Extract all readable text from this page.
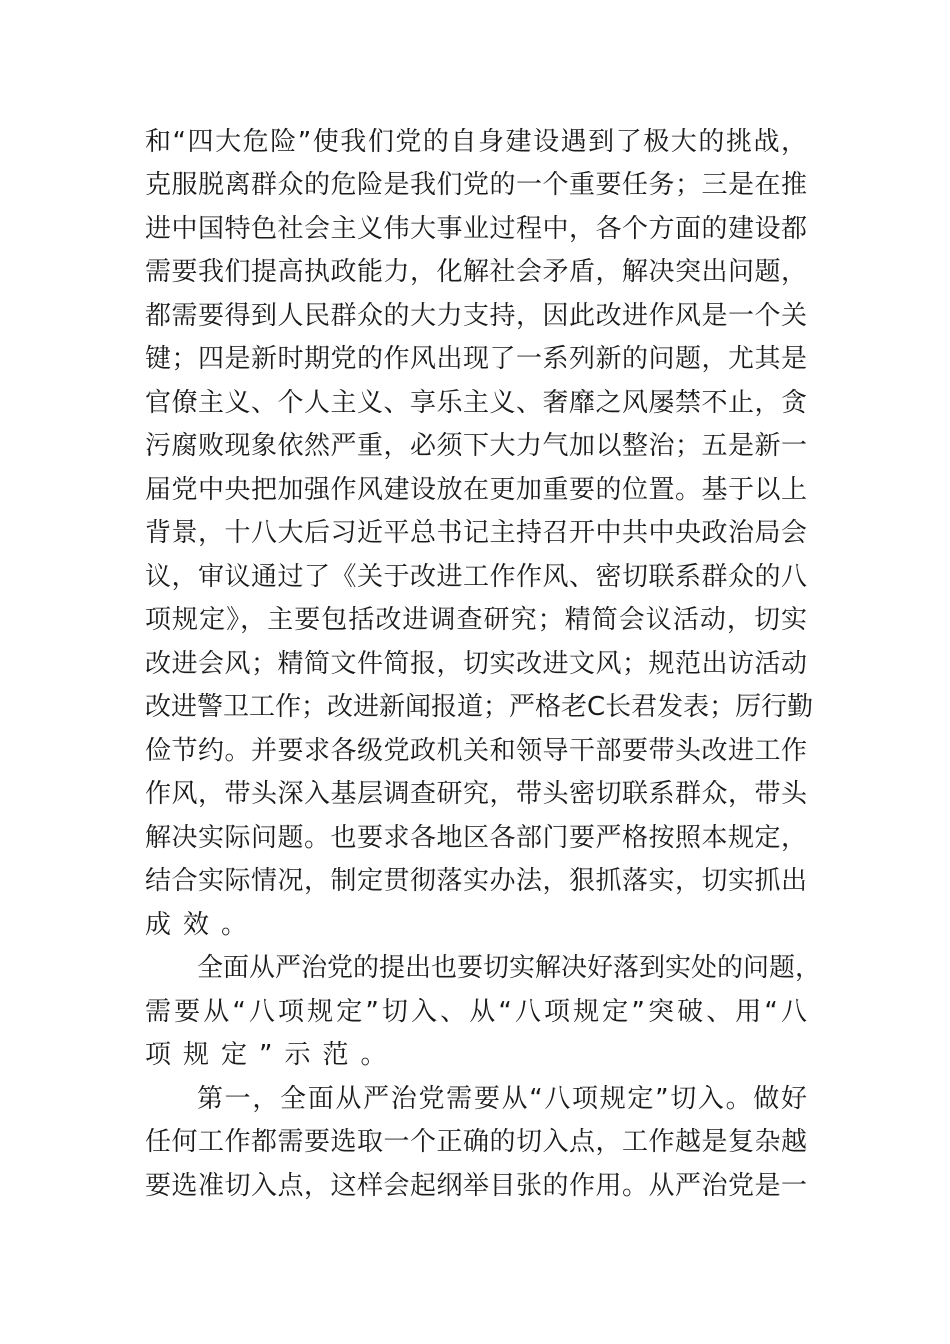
和“四大危险”使我们党的自身建设遇到了极大的挑战，
克服脱离群众的危险是我们党的一个重要任务；三是在推
进中国特色社会主义伟大事业过程中，各个方面的建设都
需要我们提高执政能力，化解社会矛盾，解决突出问题，
都需要得到人民群众的大力支持，因此改进作风是一个关
键；四是新时期党的作风出现了一系列新的问题，尤其是
官僚主义、个人主义、享乐主义、奢靡之风屡禁不止，贪
污腐败现象依然严重，必须下大力气加以整治；五是新一
届党中央把加强作风建设放在更加重要的位置。基于以上
背景，十八大后习近平总书记主持召开中共中央政治局会
议，审议通过了《关于改进工作作风、密切联系群众的八
项规定》，主要包括改进调查研究；精简会议活动，切实
改进会风；精简文件简报，切实改进文风；规范出访活动
改进警卫工作；改进新闻报道；严格老C长君发表；厉行勤
俭节约。并要求各级党政机关和领导干部要带头改进工作
作风，带头深入基层调查研究，带头密切联系群众，带头
解决实际问题。也要求各地区各部门要严格按照本规定，
结合实际情况，制定贯彻落实办法，狠抓落实，切实抓出
成效。
全面从严治党的提出也要切实解决好落到实处的问题，
需要从“八项规定”切入、从“八项规定”突破、用“八
项规定”示范。
第一，全面从严治党需要从“八项规定”切入。做好
任何工作都需要选取一个正确的切入点，工作越是复杂越
要选准切入点，这样会起纲举目张的作用。从严治党是一
